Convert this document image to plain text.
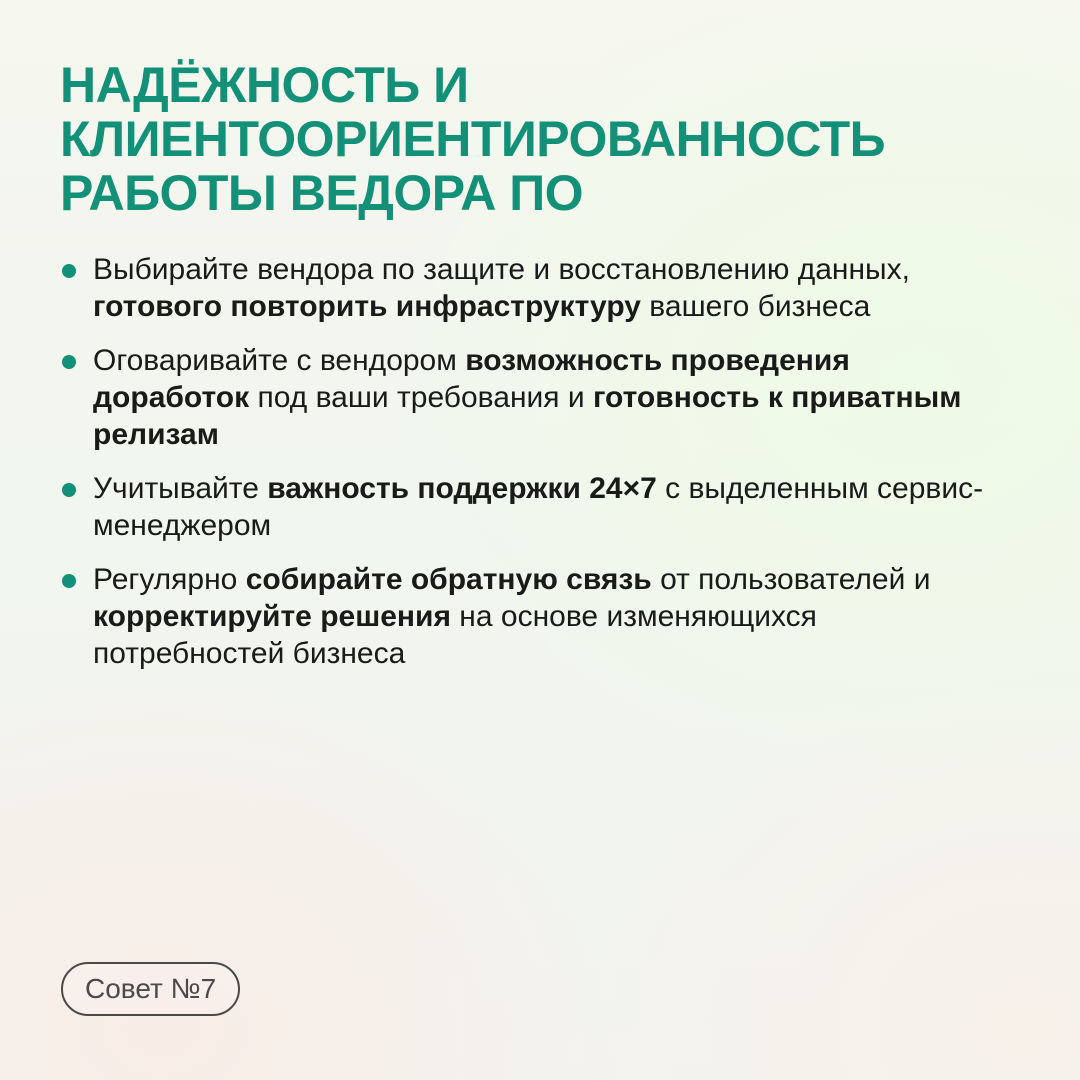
НАДЁЖНОСТЬ И
КЛИЕНТООРИЕНТИРОВАННОСТЬ
РАБОТЫ ВЕДОРА ПО
Выбирайте вендора по защите и восстановлению данных,
готового повторить инфраструктуру вашего бизнеса
Оговаривайте с вендором возможность проведения
доработок под ваши требования и готовность к приватным
релизам
Учитывайте важность поддержки 24×7 с выделенным сервис-
менеджером
Регулярно собирайте обратную связь от пользователей и
корректируйте решения на основе изменяющихся
потребностей бизнеса
Совет №7
